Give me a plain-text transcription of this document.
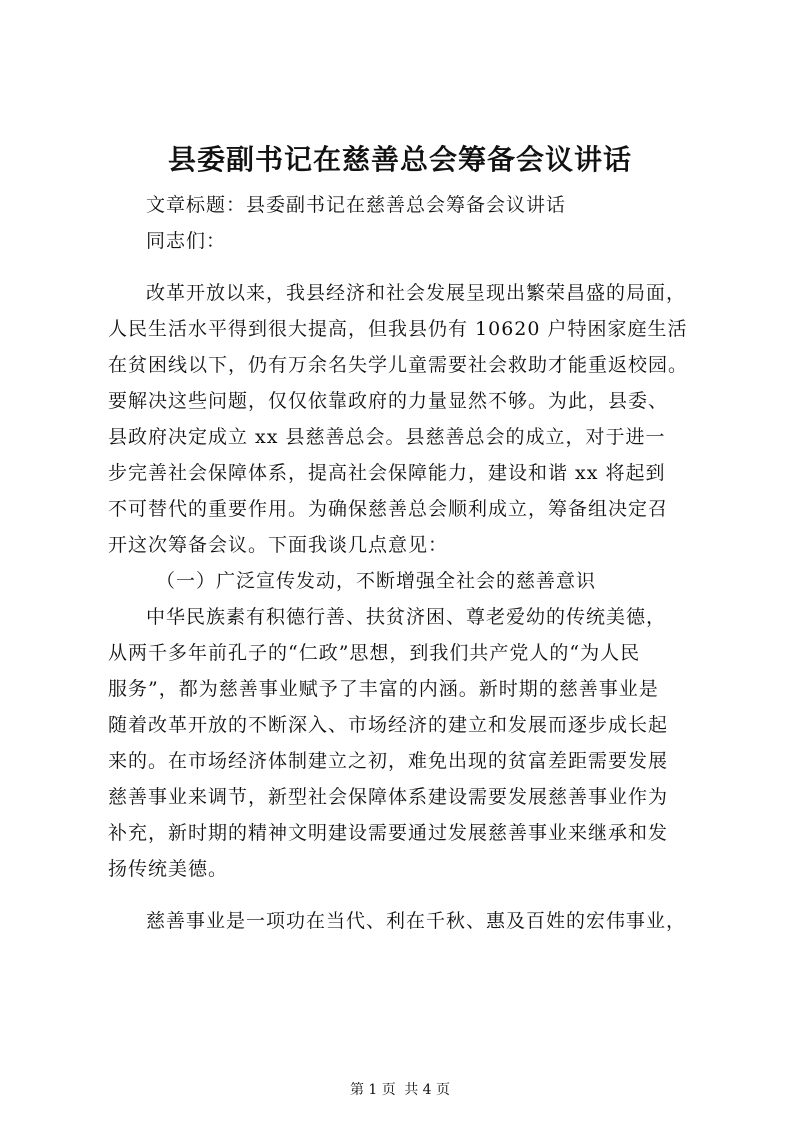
县委副书记在慈善总会筹备会议讲话
文章标题：县委副书记在慈善总会筹备会议讲话
同志们：
改革开放以来，我县经济和社会发展呈现出繁荣昌盛的局面，
人民生活水平得到很大提高，但我县仍有 10620 户特困家庭生活
在贫困线以下，仍有万余名失学儿童需要社会救助才能重返校园。
要解决这些问题，仅仅依靠政府的力量显然不够。为此，县委、
县政府决定成立 xx 县慈善总会。县慈善总会的成立，对于进一
步完善社会保障体系，提高社会保障能力，建设和谐 xx 将起到
不可替代的重要作用。为确保慈善总会顺利成立，筹备组决定召
开这次筹备会议。下面我谈几点意见：
（一）广泛宣传发动，不断增强全社会的慈善意识
中华民族素有积德行善、扶贫济困、尊老爱幼的传统美德，
从两千多年前孔子的“仁政”思想，到我们共产党人的“为人民
服务”，都为慈善事业赋予了丰富的内涵。新时期的慈善事业是
随着改革开放的不断深入、市场经济的建立和发展而逐步成长起
来的。在市场经济体制建立之初，难免出现的贫富差距需要发展
慈善事业来调节，新型社会保障体系建设需要发展慈善事业作为
补充，新时期的精神文明建设需要通过发展慈善事业来继承和发
扬传统美德。
慈善事业是一项功在当代、利在千秋、惠及百姓的宏伟事业，
第 1 页 共 4 页
